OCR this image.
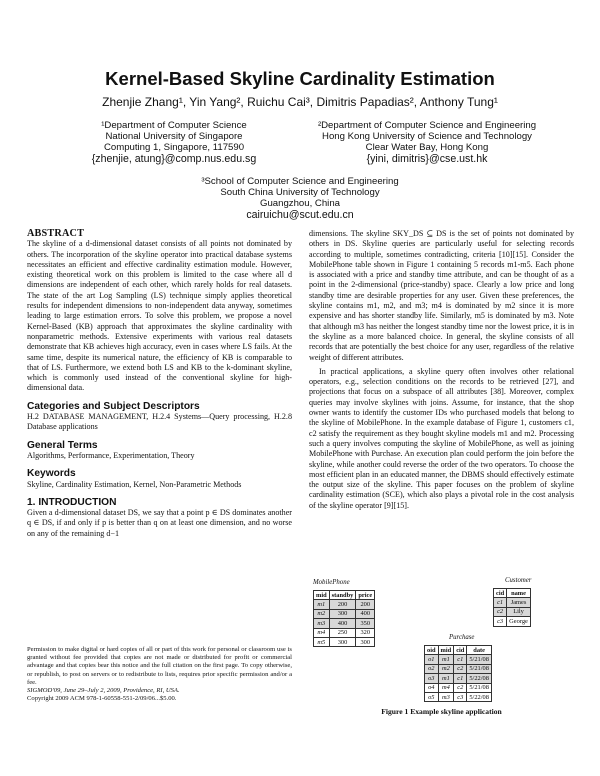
Kernel-Based Skyline Cardinality Estimation
Zhenjie Zhang¹, Yin Yang², Ruichu Cai³, Dimitris Papadias², Anthony Tung¹
¹Department of Computer Science
National University of Singapore
Computing 1, Singapore, 117590
{zhenjie, atung}@comp.nus.edu.sg
²Department of Computer Science and Engineering
Hong Kong University of Science and Technology
Clear Water Bay, Hong Kong
{yini, dimitris}@cse.ust.hk
³School of Computer Science and Engineering
South China University of Technology
Guangzhou, China
cairuichu@scut.edu.cn
ABSTRACT

The skyline of a d-dimensional dataset consists of all points not dominated by others. The incorporation of the skyline operator into practical database systems necessitates an efficient and effective cardinality estimation module. However, existing theoretical work on this problem is limited to the case where all d dimensions are independent of each other, which rarely holds for real datasets. The state of the art Log Sampling (LS) technique simply applies theoretical results for independent dimensions to non-independent data anyway, sometimes leading to large estimation errors. To solve this problem, we propose a novel Kernel-Based (KB) approach that approximates the skyline cardinality with nonparametric methods. Extensive experiments with various real datasets demonstrate that KB achieves high accuracy, even in cases where LS fails. At the same time, despite its numerical nature, the efficiency of KB is comparable to that of LS. Furthermore, we extend both LS and KB to the k-dominant skyline, which is commonly used instead of the conventional skyline for high-dimensional data.

Categories and Subject Descriptors

H.2 DATABASE MANAGEMENT, H.2.4 Systems—Query processing, H.2.8 Database applications

General Terms

Algorithms, Performance, Experimentation, Theory

Keywords

Skyline, Cardinality Estimation, Kernel, Non-Parametric Methods

1. INTRODUCTION

Given a d-dimensional dataset DS, we say that a point p ∈ DS dominates another q ∈ DS, if and only if p is better than q on at least one dimension, and no worse on any of the remaining d−1

Permission to make digital or hard copies of all or part of this work for personal or classroom use is granted without fee provided that copies are not made or distributed for profit or commercial advantage and that copies bear this notice and the full citation on the first page. To copy otherwise, or republish, to post on servers or to redistribute to lists, requires prior specific permission and/or a fee.
SIGMOD'09, June 29–July 2, 2009, Providence, RI, USA.
Copyright 2009 ACM 978-1-60558-551-2/09/06...$5.00.

dimensions. The skyline SKY_DS ⊆ DS is the set of points not dominated by others in DS. Skyline queries are particularly useful for selecting records according to multiple, sometimes contradicting, criteria [10][15]. Consider the MobilePhone table shown in Figure 1 containing 5 records m1-m5. Each phone is associated with a price and standby time attribute, and can be thought of as a point in the 2-dimensional (price-standby) space. Clearly a low price and long standby time are desirable properties for any user. Given these preferences, the skyline contains m1, m2, and m3; m4 is dominated by m2 since it is more expensive and has shorter standby life. Similarly, m5 is dominated by m3. Note that although m3 has neither the longest standby time nor the lowest price, it is in the skyline as a more balanced choice. In general, the skyline consists of all records that are potentially the best choice for any user, regardless of the relative weight of different attributes.

In practical applications, a skyline query often involves other relational operators, e.g., selection conditions on the records to be retrieved [27], and projections that focus on a subspace of all attributes [38]. Moreover, complex queries may involve skylines with joins. Assume, for instance, that the shop owner wants to identify the customer IDs who purchased models that belong to the skyline of MobilePhone. In the example database of Figure 1, customers c1, c2 satisfy the requirement as they bought skyline models m1 and m2. Processing such a query involves computing the skyline of MobilePhone, as well as joining MobilePhone with Purchase. An execution plan could perform the join before the skyline, while another could reverse the order of the two operators. To choose the most efficient plan in an educated manner, the DBMS should effectively estimate the output size of the skyline. This paper focuses on the problem of skyline cardinality estimation (SCE), which also plays a pivotal role in the cost analysis of the skyline operator [9][15].

MobilePhone
mid	standby	price
m1	200	200
m2	300	400
m3	400	350
m4	250	320
m5	300	300
Customer
cid	name
c1	James
c2	Lily
c3	George
Purchase
oid	mid	cid	date
o1	m1	c1	5/21/08
o2	m2	c2	5/21/08
o3	m1	c1	5/22/08
o4	m4	c2	5/21/08
o5	m3	c3	5/22/08
Figure 1 Example skyline application
